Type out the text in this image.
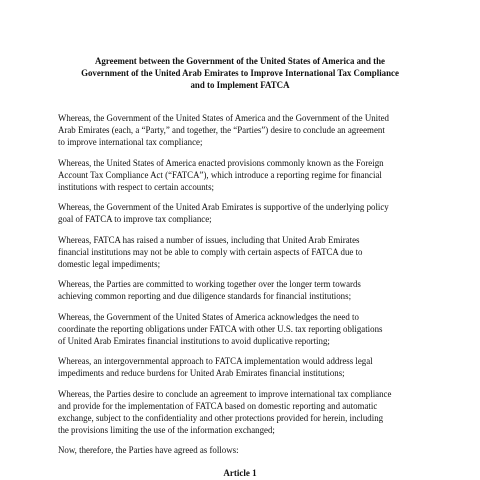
Agreement between the Government of the United States of America and the
Government of the United Arab Emirates to Improve International Tax Compliance
and to Implement FATCA
Whereas, the Government of the United States of America and the Government of the United
Arab Emirates (each, a “Party,” and together, the “Parties”) desire to conclude an agreement
to improve international tax compliance;
Whereas, the United States of America enacted provisions commonly known as the Foreign
Account Tax Compliance Act (“FATCA”), which introduce a reporting regime for financial
institutions with respect to certain accounts;
Whereas, the Government of the United Arab Emirates is supportive of the underlying policy
goal of FATCA to improve tax compliance;
Whereas, FATCA has raised a number of issues, including that United Arab Emirates
financial institutions may not be able to comply with certain aspects of FATCA due to
domestic legal impediments;
Whereas, the Parties are committed to working together over the longer term towards
achieving common reporting and due diligence standards for financial institutions;
Whereas, the Government of the United States of America acknowledges the need to
coordinate the reporting obligations under FATCA with other U.S. tax reporting obligations
of United Arab Emirates financial institutions to avoid duplicative reporting;
Whereas, an intergovernmental approach to FATCA implementation would address legal
impediments and reduce burdens for United Arab Emirates financial institutions;
Whereas, the Parties desire to conclude an agreement to improve international tax compliance
and provide for the implementation of FATCA based on domestic reporting and automatic
exchange, subject to the confidentiality and other protections provided for herein, including
the provisions limiting the use of the information exchanged;
Now, therefore, the Parties have agreed as follows:
Article 1
